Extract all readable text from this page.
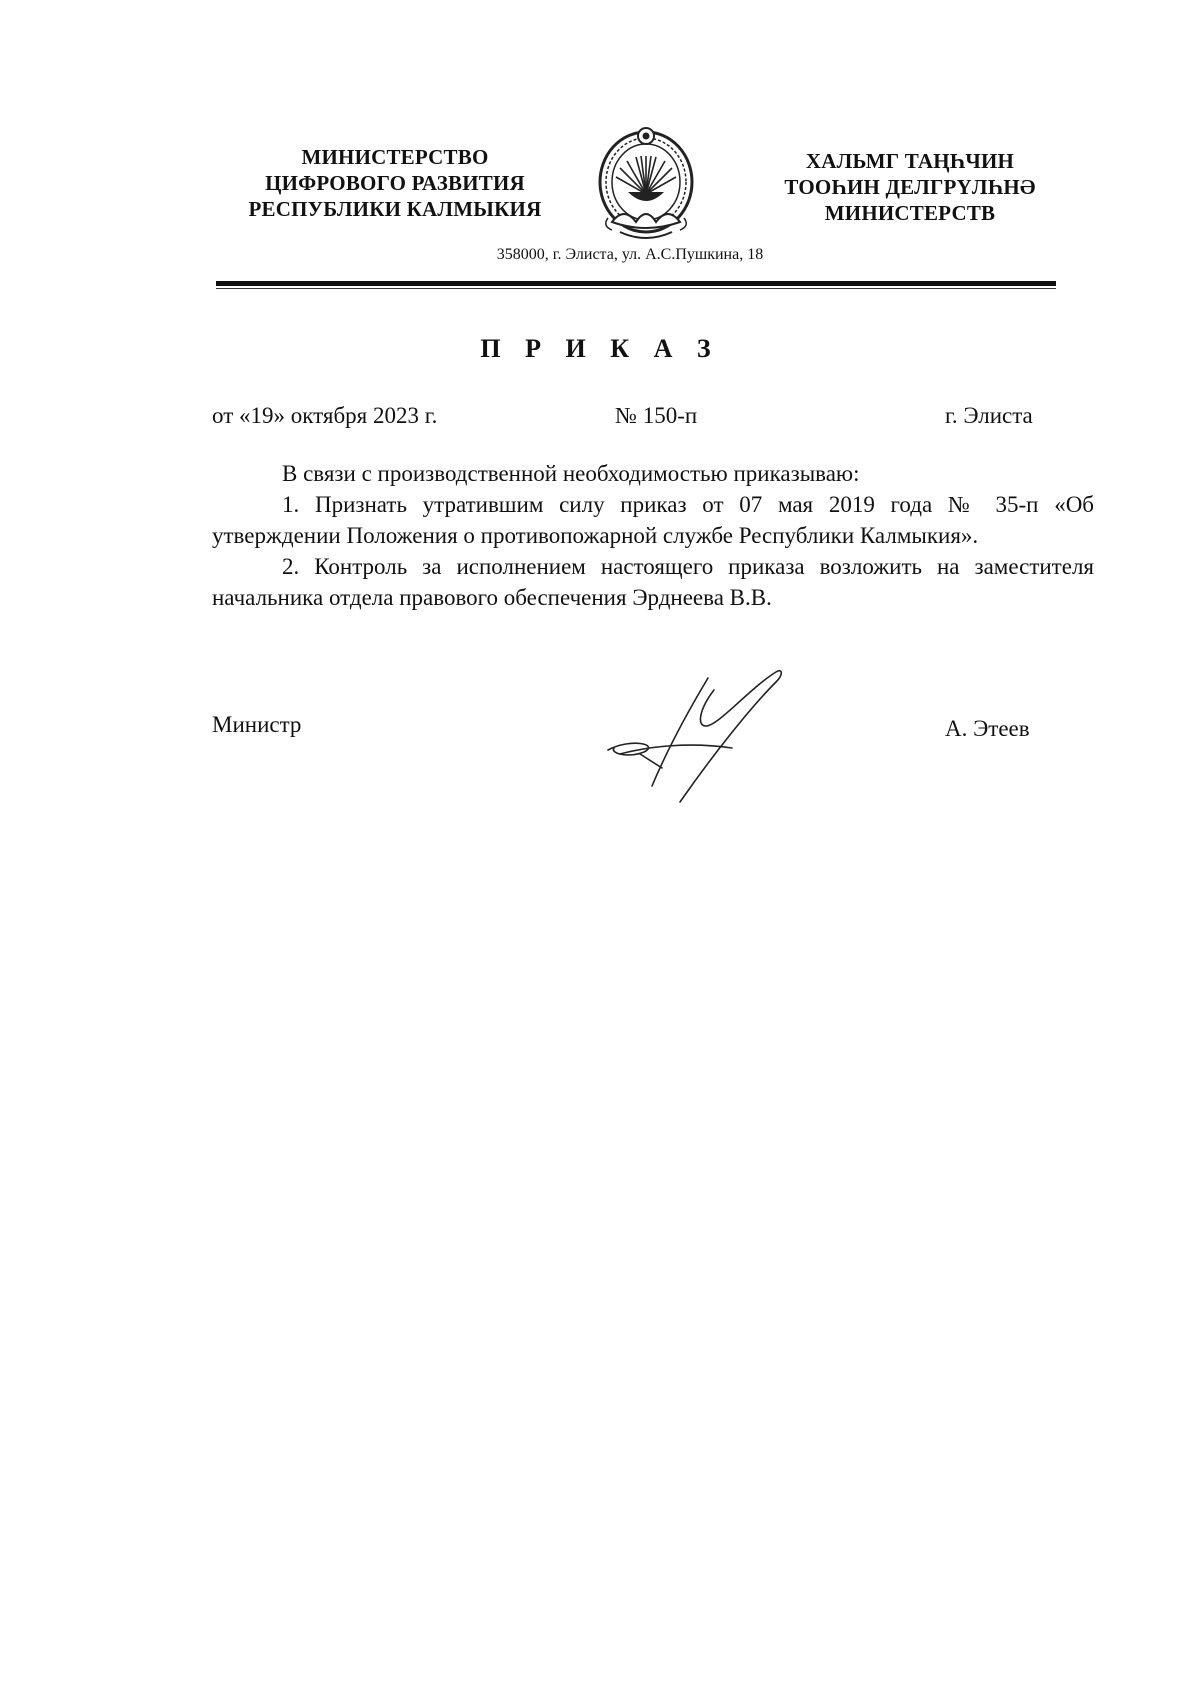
МИНИСТЕРСТВО
ЦИФРОВОГО РАЗВИТИЯ
РЕСПУБЛИКИ КАЛМЫКИЯ
ХАЛЬМГ ТАҢҺЧИН
ТООҺИН ДЕЛГРҮЛҺНӘ
МИНИСТЕРСТВ
358000, г. Элиста, ул. А.С.Пушкина, 18
П Р И К А З
от «19» октября 2023 г.	№ 150-п	г. Элиста

В связи с производственной необходимостью приказываю:

1. Признать утратившим силу приказ от 07 мая 2019 года № 35-п «Об утверждении Положения о противопожарной службе Республики Калмыкия».

2. Контроль за исполнением настоящего приказа возложить на заместителя начальника отдела правового обеспечения Эрднеева В.В.

Министр	А. Этеев
